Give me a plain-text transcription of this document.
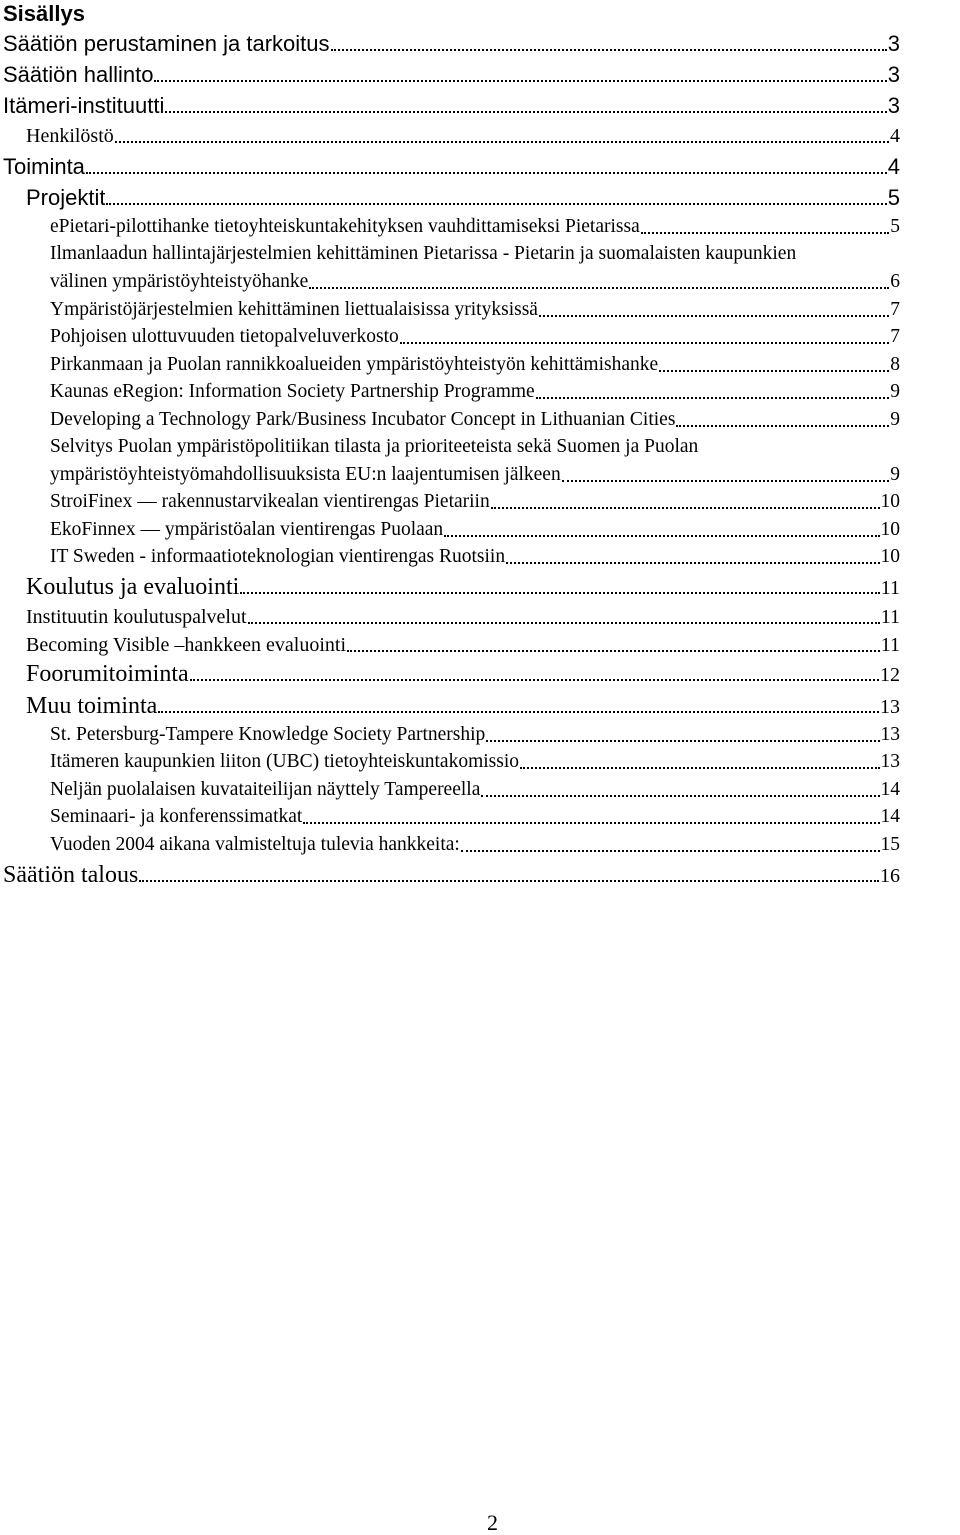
Sisällys
Säätiön perustaminen ja tarkoitus	3
Säätiön hallinto	3
Itämeri-instituutti	3
Henkilöstö	4
Toiminta	4
Projektit	5
ePietari-pilottihanke tietoyhteiskuntakehityksen vauhdittamiseksi Pietarissa	5
Ilmanlaadun hallintajärjestelmien kehittäminen Pietarissa - Pietarin ja suomalaisten kaupunkien
välinen ympäristöyhteistyöhanke	6
Ympäristöjärjestelmien kehittäminen liettualaisissa yrityksissä	7
Pohjoisen ulottuvuuden tietopalveluverkosto	7
Pirkanmaan ja Puolan rannikkoalueiden ympäristöyhteistyön kehittämishanke	8
Kaunas eRegion: Information Society Partnership Programme	9
Developing a Technology Park/Business Incubator Concept in Lithuanian Cities	9
Selvitys Puolan ympäristöpolitiikan tilasta ja prioriteeteista sekä Suomen ja Puolan
ympäristöyhteistyömahdollisuuksista EU:n laajentumisen jälkeen	9
StroiFinex — rakennustarvikealan vientirengas Pietariin	10
EkoFinnex — ympäristöalan vientirengas Puolaan	10
IT Sweden - informaatioteknologian vientirengas Ruotsiin	10
Koulutus ja evaluointi	11
Instituutin koulutuspalvelut	11
Becoming Visible –hankkeen evaluointi	11
Foorumitoiminta	12
Muu toiminta	13
St. Petersburg-Tampere Knowledge Society Partnership	13
Itämeren kaupunkien liiton (UBC) tietoyhteiskuntakomissio	13
Neljän puolalaisen kuvataiteilijan näyttely Tampereella	14
Seminaari- ja konferenssimatkat	14
Vuoden 2004 aikana valmisteltuja tulevia hankkeita:	15
Säätiön talous	16
2
